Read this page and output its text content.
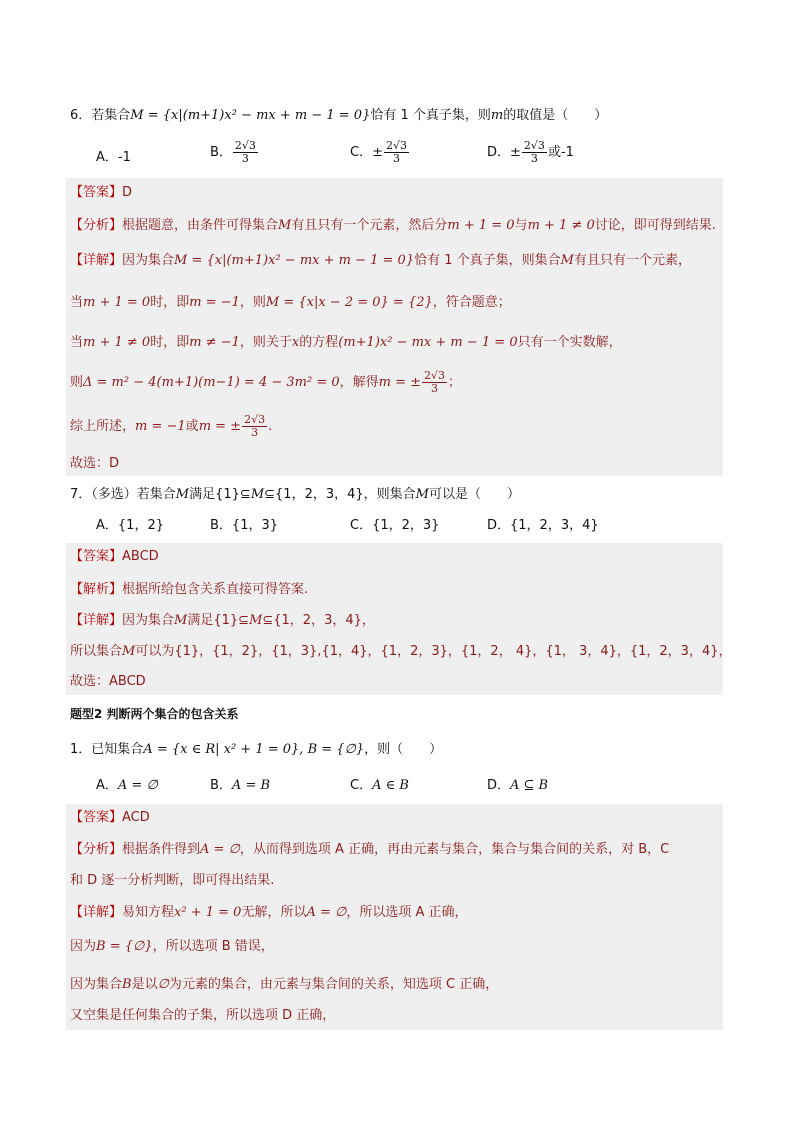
6．若集合M = {x|(m+1)x² − mx + m − 1 = 0}恰有 1 个真子集，则m的取值是（　　）
A．-1	B． $\frac{2√3}{3}$	C．± $\frac{2√3}{3}$	D．± $\frac{2√3}{3}$ 或-1
【答案】D
【分析】根据题意，由条件可得集合M有且只有一个元素，然后分m + 1 = 0与m + 1 ≠ 0讨论，即可得到结果.
【详解】因为集合M = {x|(m+1)x² − mx + m − 1 = 0}恰有 1 个真子集，则集合M有且只有一个元素，
当m + 1 = 0时，即m = −1，则M = {x|x − 2 = 0} = {2}，符合题意；
当m + 1 ≠ 0时，即m ≠ −1，则关于x的方程(m+1)x² − mx + m − 1 = 0只有一个实数解，
则Δ = m² − 4(m+1)(m−1) = 4 − 3m² = 0，解得m = ± $\frac{2√3}{3}$ ；
综上所述，m = −1或m = ± $\frac{2√3}{3}$ .
故选：D
7．（多选）若集合M满足{1}⊆M⊆{1，2，3，4}，则集合M可以是（　　）
A．{1，2}	B．{1，3}	C．{1，2，3}	D．{1，2，3，4}
【答案】ABCD
【解析】根据所给包含关系直接可得答案.
【详解】因为集合M满足{1}⊆M⊆{1，2，3，4}，
所以集合M可以为{1}，{1，2}，{1，3},{1，4}，{1，2，3}，{1，2， 4}，{1， 3，4}，{1，2，3，4}，
故选：ABCD
题型2 判断两个集合的包含关系
1．已知集合A = {x ∈ R| x² + 1 = 0}, B = {∅}，则（　　）
A．A = ∅	B．A = B	C．A ∈ B	D．A ⊆ B
【答案】ACD
【分析】根据条件得到A = ∅，从而得到选项 A 正确，再由元素与集合，集合与集合间的关系，对 B，C
和 D 逐一分析判断，即可得出结果.
【详解】易知方程x² + 1 = 0无解，所以A = ∅，所以选项 A 正确，
因为B = {∅}，所以选项 B 错误，
因为集合B是以∅为元素的集合，由元素与集合间的关系，知选项 C 正确，
又空集是任何集合的子集，所以选项 D 正确，
